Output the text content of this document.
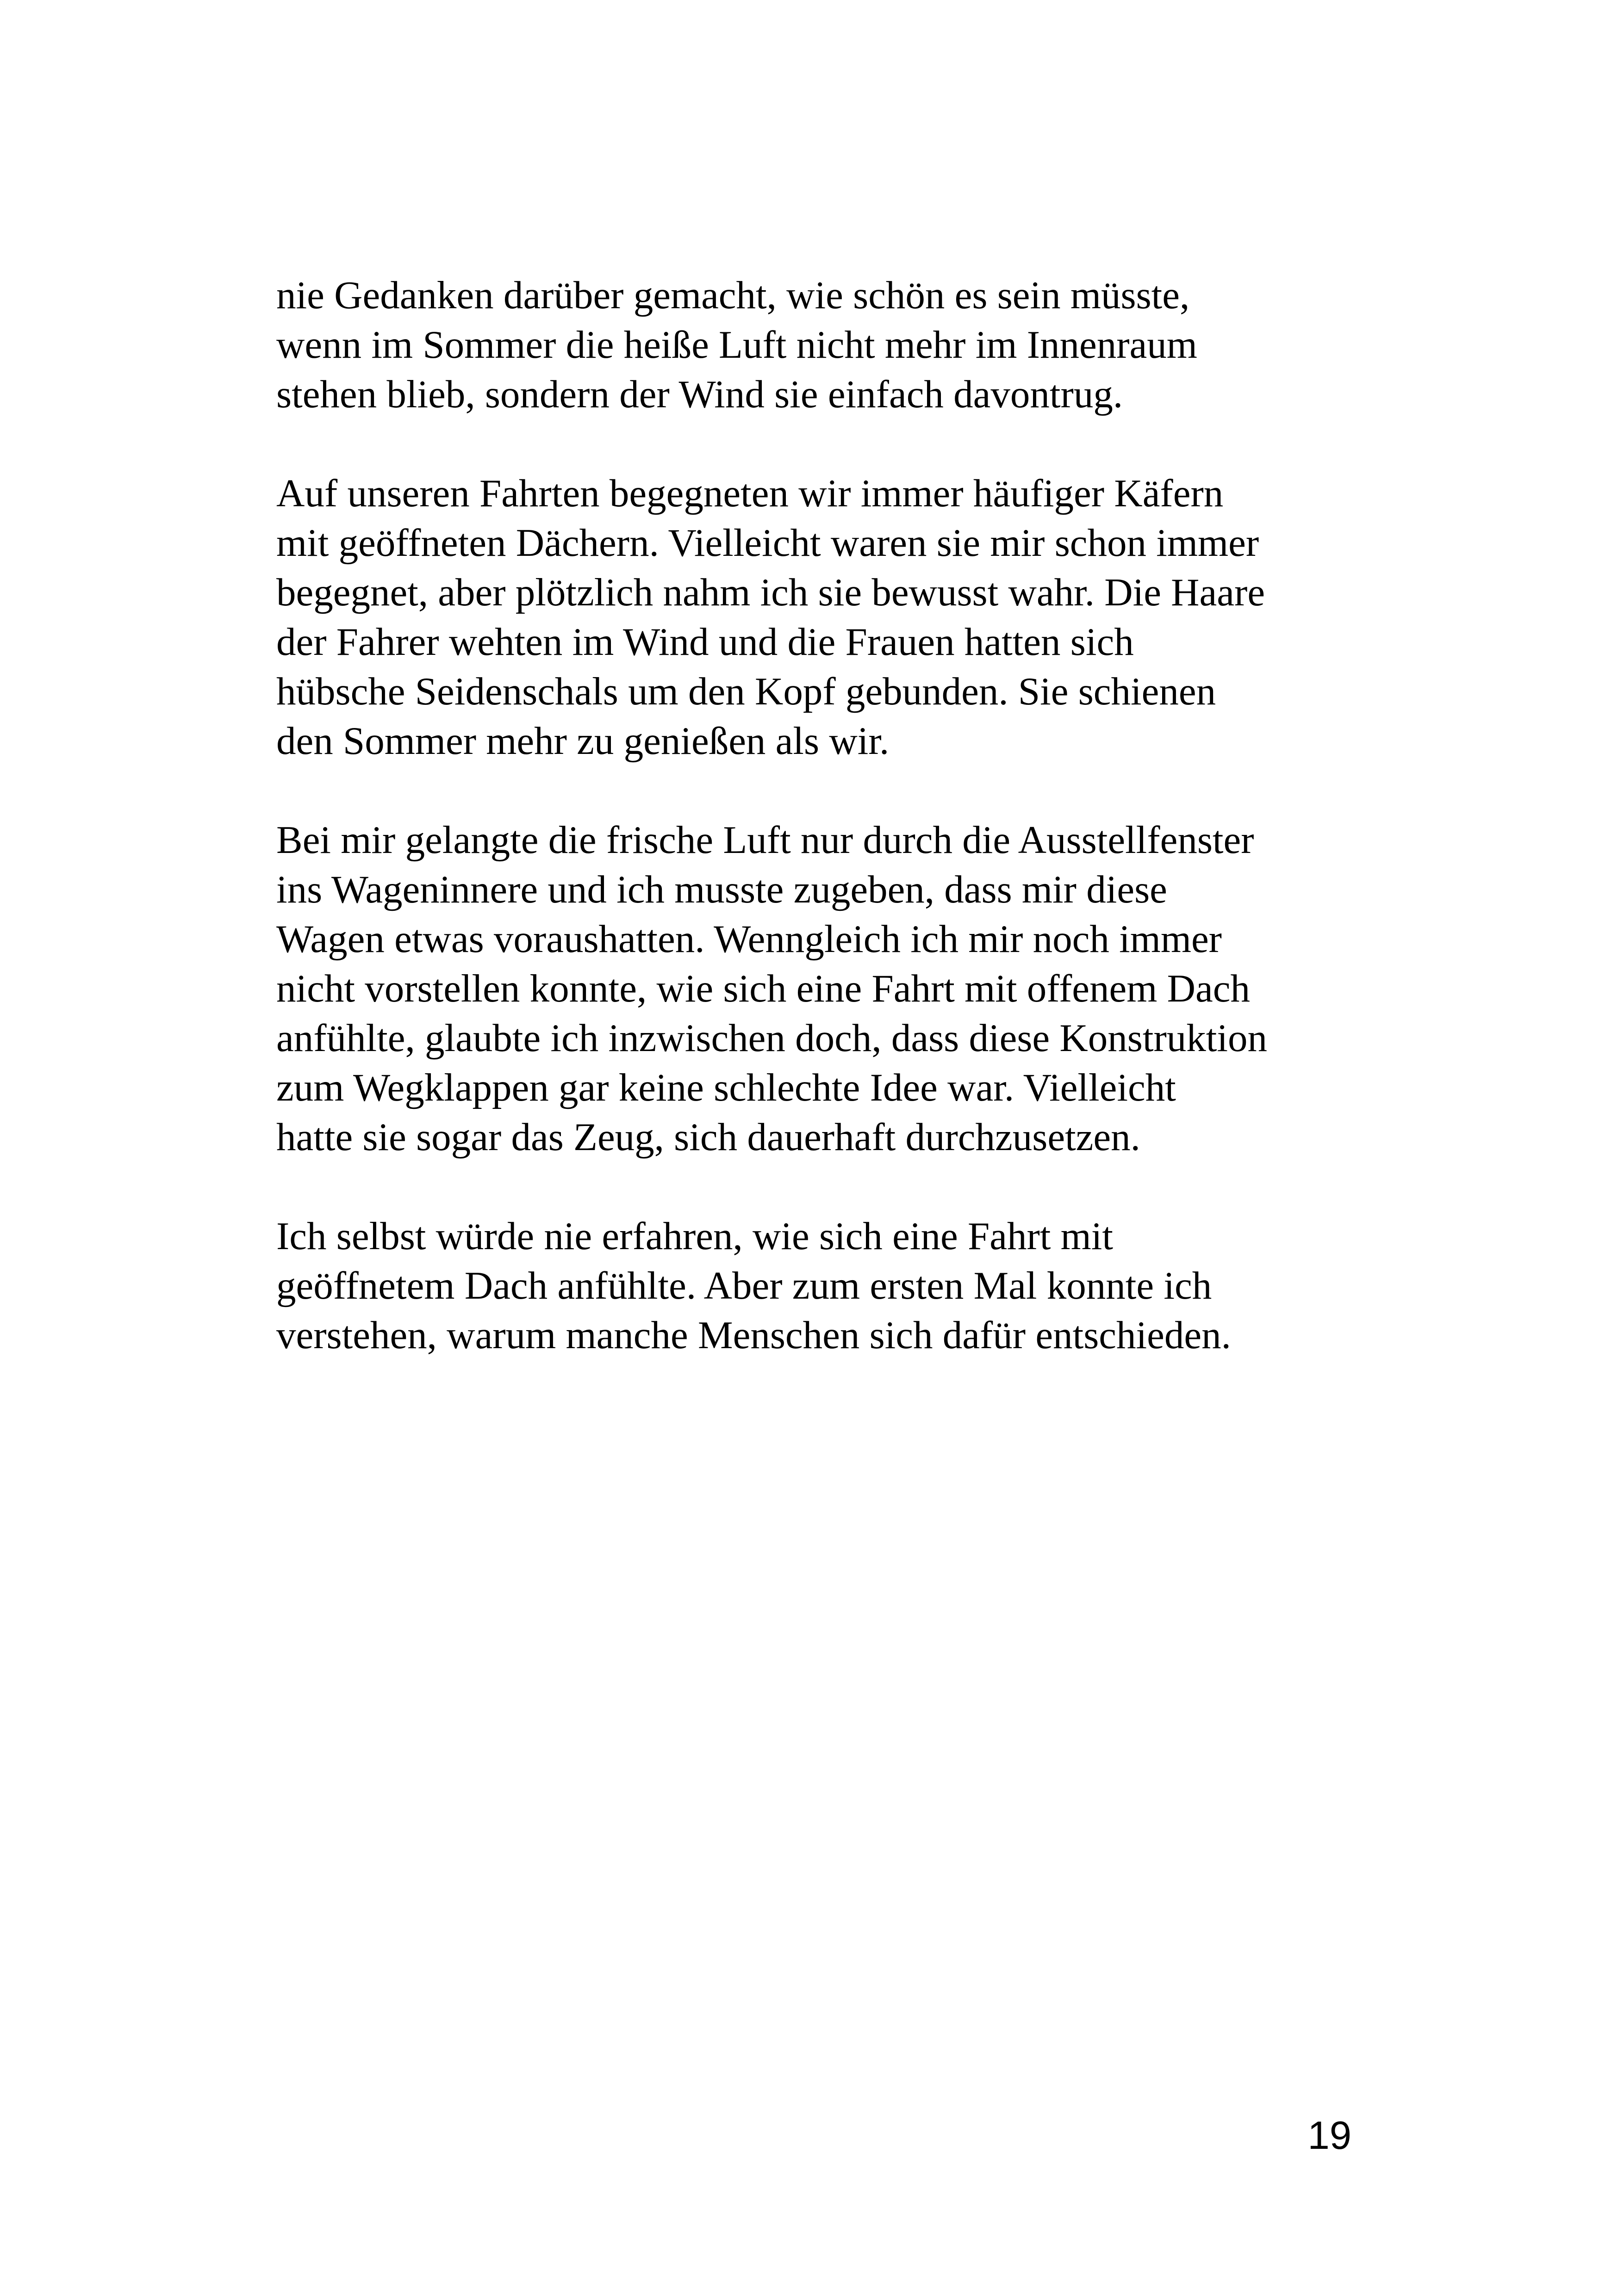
nie Gedanken darüber gemacht, wie schön es sein müsste,
wenn im Sommer die heiße Luft nicht mehr im Innenraum
stehen blieb, sondern der Wind sie einfach davontrug.

Auf unseren Fahrten begegneten wir immer häufiger Käfern
mit geöffneten Dächern. Vielleicht waren sie mir schon immer
begegnet, aber plötzlich nahm ich sie bewusst wahr. Die Haare
der Fahrer wehten im Wind und die Frauen hatten sich
hübsche Seidenschals um den Kopf gebunden. Sie schienen
den Sommer mehr zu genießen als wir.

Bei mir gelangte die frische Luft nur durch die Ausstellfenster
ins Wageninnere und ich musste zugeben, dass mir diese
Wagen etwas voraushatten. Wenngleich ich mir noch immer
nicht vorstellen konnte, wie sich eine Fahrt mit offenem Dach
anfühlte, glaubte ich inzwischen doch, dass diese Konstruktion
zum Wegklappen gar keine schlechte Idee war. Vielleicht
hatte sie sogar das Zeug, sich dauerhaft durchzusetzen.

Ich selbst würde nie erfahren, wie sich eine Fahrt mit
geöffnetem Dach anfühlte. Aber zum ersten Mal konnte ich
verstehen, warum manche Menschen sich dafür entschieden.

19
